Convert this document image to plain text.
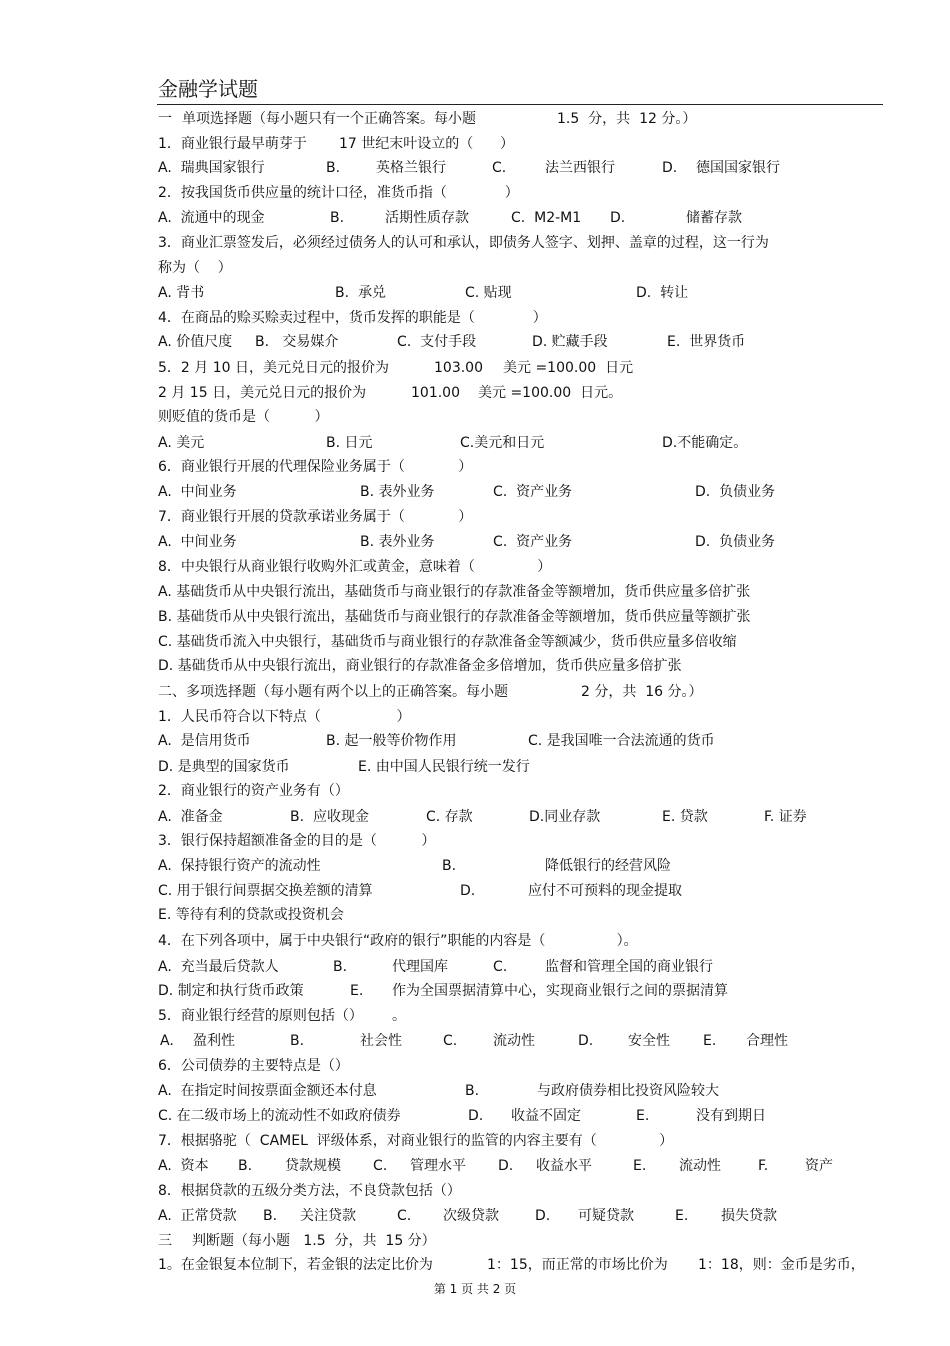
金融学试题
一 单项选择题（每小题只有一个正确答案。每小题	1.5  分，共  12 分。）
1．商业银行最早萌芽于 17 世纪末叶设立的（      ）
A.  瑞典国家银行	B.	英格兰银行	C.	法兰西银行	D. 德国国家银行
2．按我国货币供应量的统计口径，准货币指（             ）
A.  流通中的现金	B.	活期性质存款	C.  M2-M1 D.	储蓄存款
3．商业汇票签发后，必须经过债务人的认可和承认，即债务人签字、划押、盖章的过程，这一行为
称为（    ）
A. 背书	B.  承兑	C. 贴现	D.  转让
4．在商品的赊买赊卖过程中，货币发挥的职能是（             ）
A. 价值尺度 B.   交易媒介	C.  支付手段	D. 贮藏手段	E.  世界货币
5．2 月 10 日，美元兑日元的报价为	103.00 美元 =100.00  日元
2 月 15 日，美元兑日元的报价为	101.00 美元 =100.00  日元。
则贬值的货币是（          ）
A. 美元	B. 日元	C.美元和日元	D.不能确定。
6．商业银行开展的代理保险业务属于（            ）
A.  中间业务	B. 表外业务	C.  资产业务	D.  负债业务
7．商业银行开展的贷款承诺业务属于（            ）
A.  中间业务	B. 表外业务	C.  资产业务	D.  负债业务
8．中央银行从商业银行收购外汇或黄金，意味着（              ）
A. 基础货币从中央银行流出，基础货币与商业银行的存款准备金等额增加，货币供应量多倍扩张
B. 基础货币从中央银行流出，基础货币与商业银行的存款准备金等额增加，货币供应量等额扩张
C. 基础货币流入中央银行，基础货币与商业银行的存款准备金等额减少，货币供应量多倍收缩
D. 基础货币从中央银行流出，商业银行的存款准备金多倍增加，货币供应量多倍扩张
二、多项选择题（每小题有两个以上的正确答案。每小题	2 分，共  16 分。）
1．人民币符合以下特点（                 ）
A.  是信用货币	B. 起一般等价物作用	C. 是我国唯一合法流通的货币
D. 是典型的国家货币	E. 由中国人民银行统一发行
2．商业银行的资产业务有（）
A.  准备金	B.  应收现金	C. 存款	D.同业存款	E. 贷款	F. 证券
3．银行保持超额准备金的目的是（          ）
A.  保持银行资产的流动性	B.	降低银行的经营风险
C. 用于银行间票据交换差额的清算	D.	应付不可预料的现金提取
E. 等待有利的贷款或投资机会
4．在下列各项中，属于中央银行“政府的银行”职能的内容是（                ）。
A.  充当最后贷款人	B.	代理国库	C.	监督和管理全国的商业银行
D. 制定和执行货币政策	E. 作为全国票据清算中心，实现商业银行之间的票据清算
5．商业银行经营的原则包括（） 。
A. 盈利性	B.	社会性	C.	流动性	D. 安全性 E. 合理性
6．公司债券的主要特点是（）
A.  在指定时间按票面金额还本付息	B.	与政府债券相比投资风险较大
C. 在二级市场上的流动性不如政府债券	D. 收益不固定	E.	没有到期日
7．根据骆驼（  CAMEL  评级体系，对商业银行的监管的内容主要有（              ）
A.  资本 B. 贷款规模 C. 管理水平 D. 收益水平	E. 流动性	F.	资产
8．根据贷款的五级分类方法，不良贷款包括（）
A.  正常贷款 B. 关注贷款	C. 次级贷款	D. 可疑贷款	E. 损失贷款
三 判断题（每小题   1.5  分，共  15 分）
1。在金银复本位制下，若金银的法定比价为	1：15，而正常的市场比价为 1：18，则：金币是劣币，
第 1 页 共 2 页
